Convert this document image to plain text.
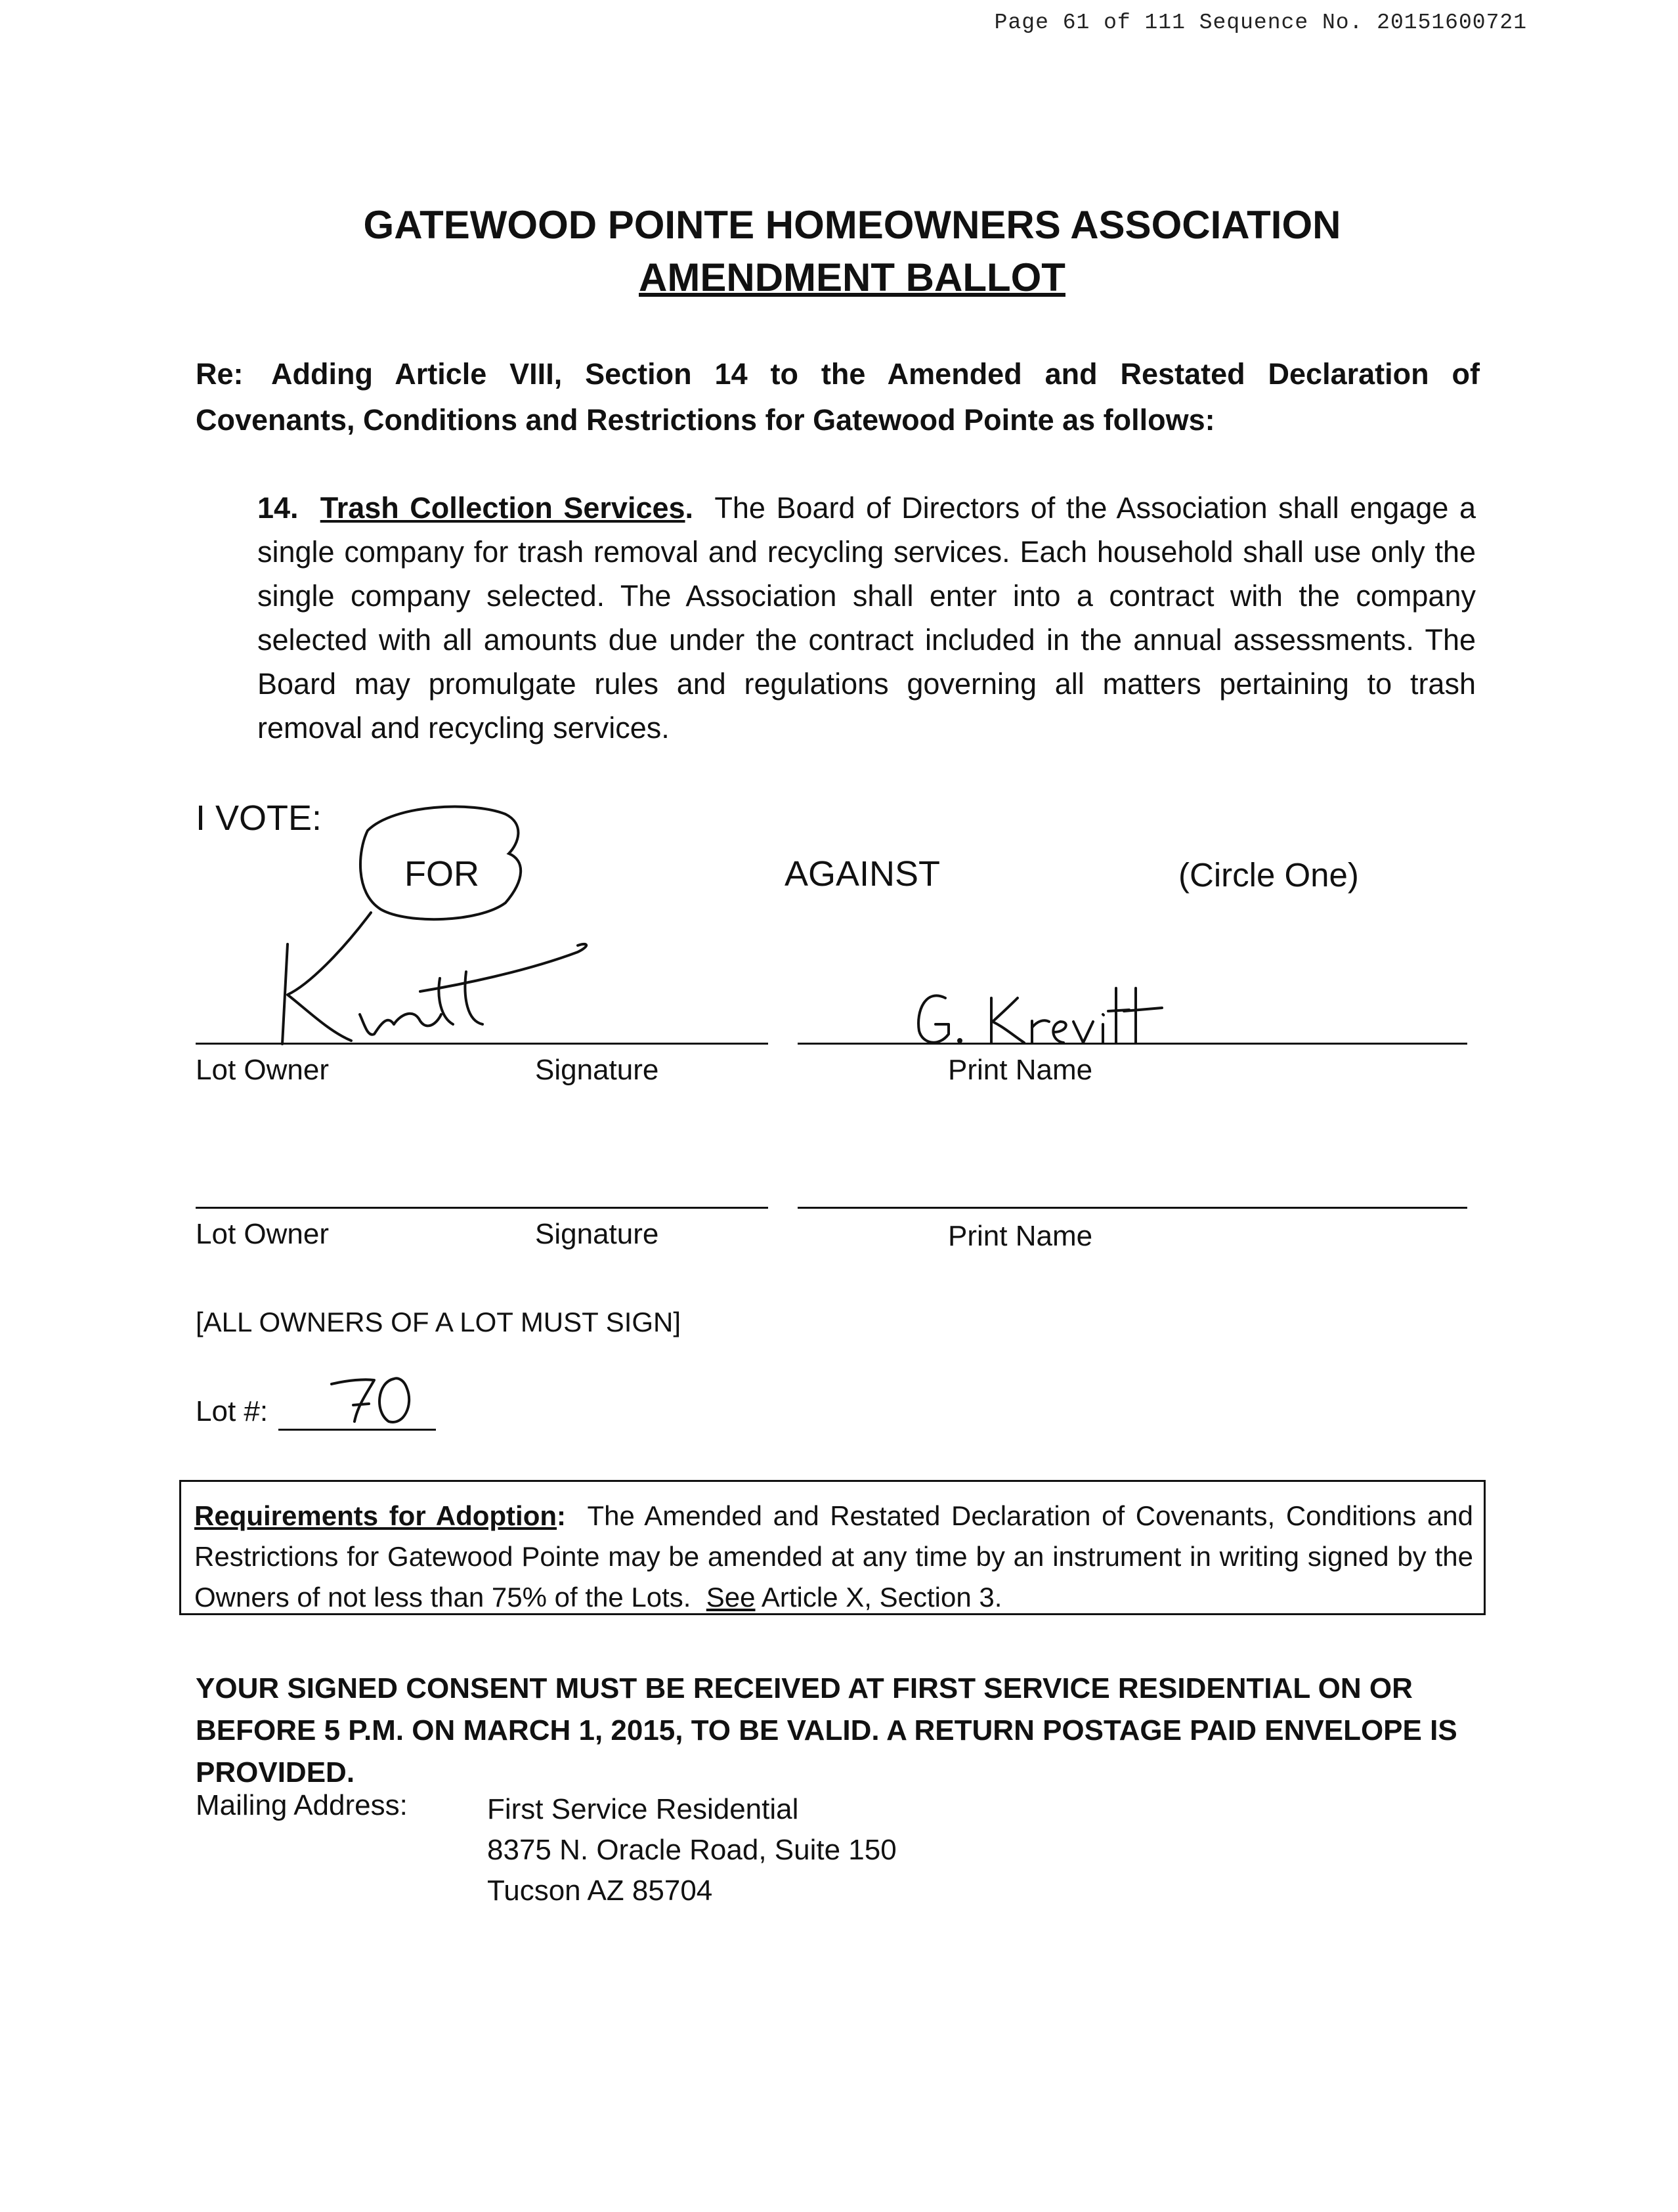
Page 61 of 111 Sequence No. 20151600721
GATEWOOD POINTE HOMEOWNERS ASSOCIATION
AMENDMENT BALLOT
Re: Adding Article VIII, Section 14 to the Amended and Restated Declaration of Covenants, Conditions and Restrictions for Gatewood Pointe as follows:
14. Trash Collection Services. The Board of Directors of the Association shall engage a single company for trash removal and recycling services. Each household shall use only the single company selected. The Association shall enter into a contract with the company selected with all amounts due under the contract included in the annual assessments. The Board may promulgate rules and regulations governing all matters pertaining to trash removal and recycling services.
I VOTE:
FOR	AGAINST	(Circle One)
Lot Owner	Signature	Print Name
Lot Owner	Signature	Print Name
[ALL OWNERS OF A LOT MUST SIGN]
Lot #:
Requirements for Adoption: The Amended and Restated Declaration of Covenants, Conditions and Restrictions for Gatewood Pointe may be amended at any time by an instrument in writing signed by the Owners of not less than 75% of the Lots. See Article X, Section 3.
YOUR SIGNED CONSENT MUST BE RECEIVED AT FIRST SERVICE RESIDENTIAL ON OR BEFORE 5 P.M. ON MARCH 1, 2015, TO BE VALID. A RETURN POSTAGE PAID ENVELOPE IS PROVIDED.
Mailing Address:	First Service Residential
8375 N. Oracle Road, Suite 150
Tucson AZ 85704
